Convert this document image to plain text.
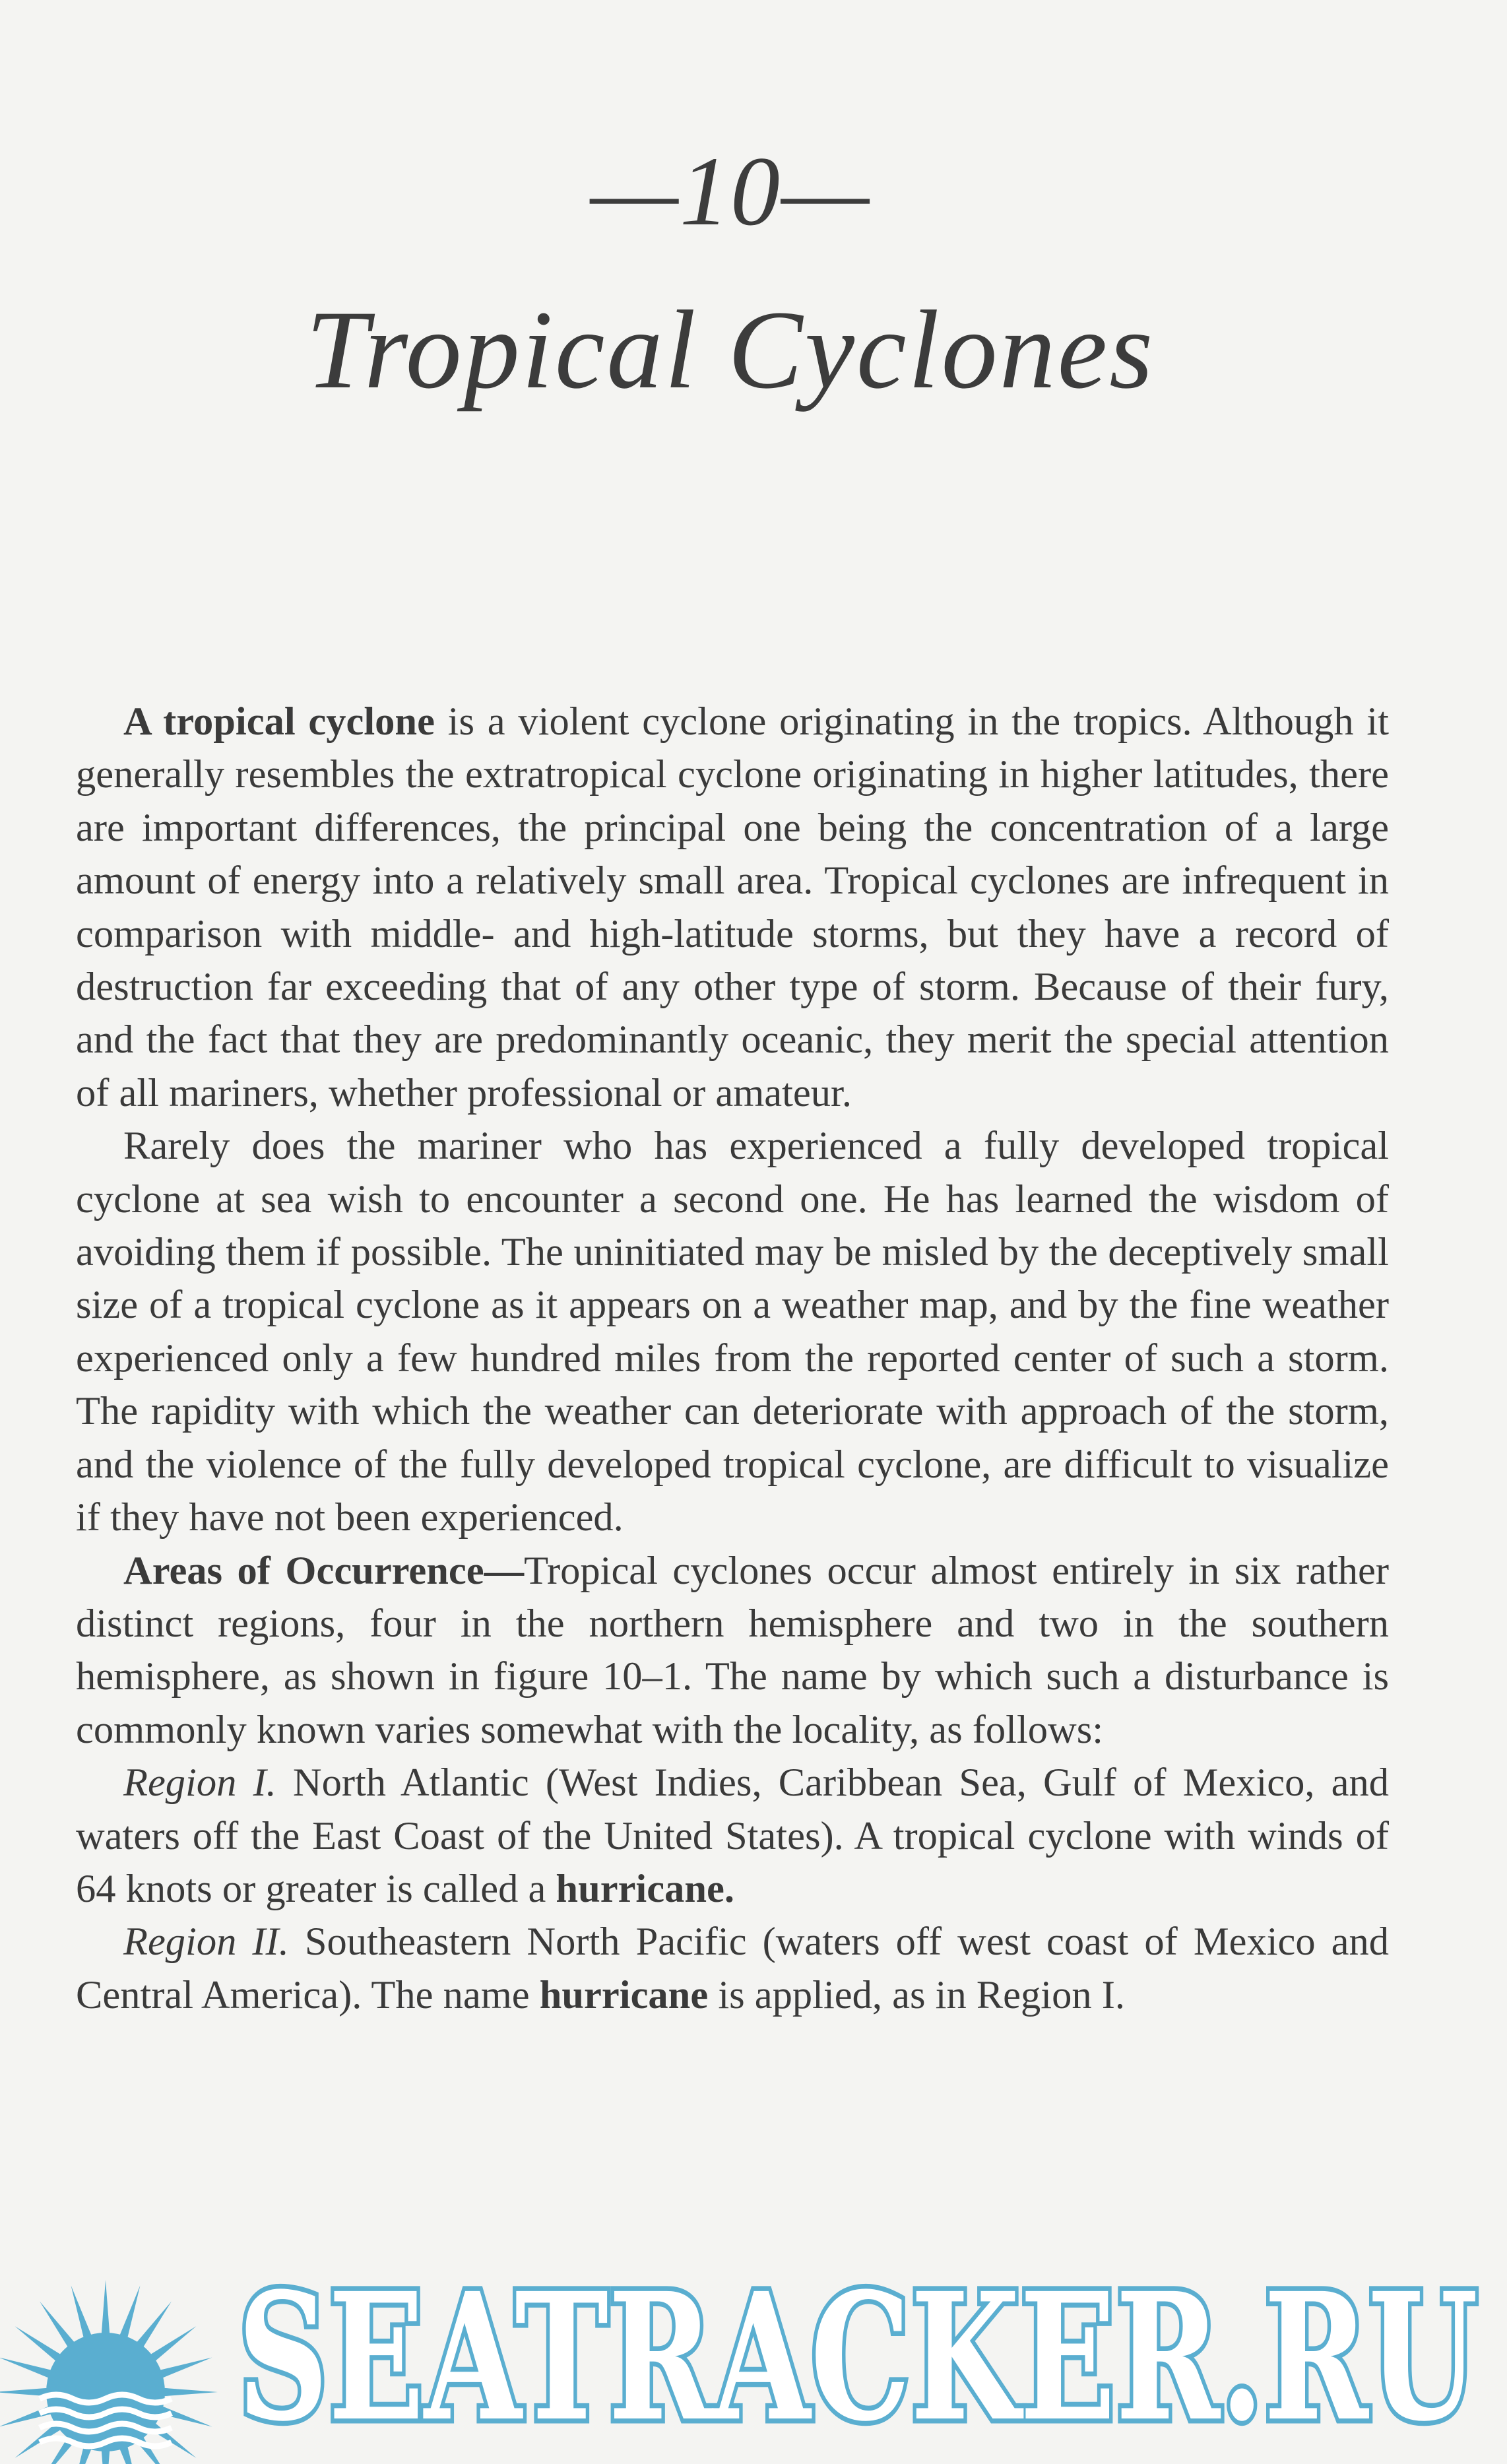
—10—
Tropical Cyclones

A tropical cyclone is a violent cyclone originating in the tropics. Although it generally resembles the extratropical cyclone originating in higher latitudes, there are important differences, the principal one being the concentration of a large amount of energy into a relatively small area. Tropical cyclones are infrequent in comparison with middle- and high-latitude storms, but they have a record of destruction far exceeding that of any other type of storm. Because of their fury, and the fact that they are predominantly oceanic, they merit the special attention of all mariners, whether professional or amateur.

Rarely does the mariner who has experienced a fully developed tropical cyclone at sea wish to encounter a second one. He has learned the wisdom of avoiding them if possible. The uninitiated may be misled by the deceptively small size of a tropical cyclone as it appears on a weather map, and by the fine weather experienced only a few hundred miles from the reported center of such a storm. The rapidity with which the weather can deteriorate with approach of the storm, and the violence of the fully developed tropical cyclone, are difficult to visualize if they have not been experienced.

Areas of Occurrence—Tropical cyclones occur almost entirely in six rather distinct regions, four in the northern hemisphere and two in the southern hemisphere, as shown in figure 10–1. The name by which such a disturbance is commonly known varies somewhat with the locality, as follows:

Region I. North Atlantic (West Indies, Caribbean Sea, Gulf of Mexico, and waters off the East Coast of the United States). A tropical cyclone with winds of 64 knots or greater is called a hurricane.

Region II. Southeastern North Pacific (waters off west coast of Mexico and Central America). The name hurricane is applied, as in Region I.

SEATRACKER.RU
